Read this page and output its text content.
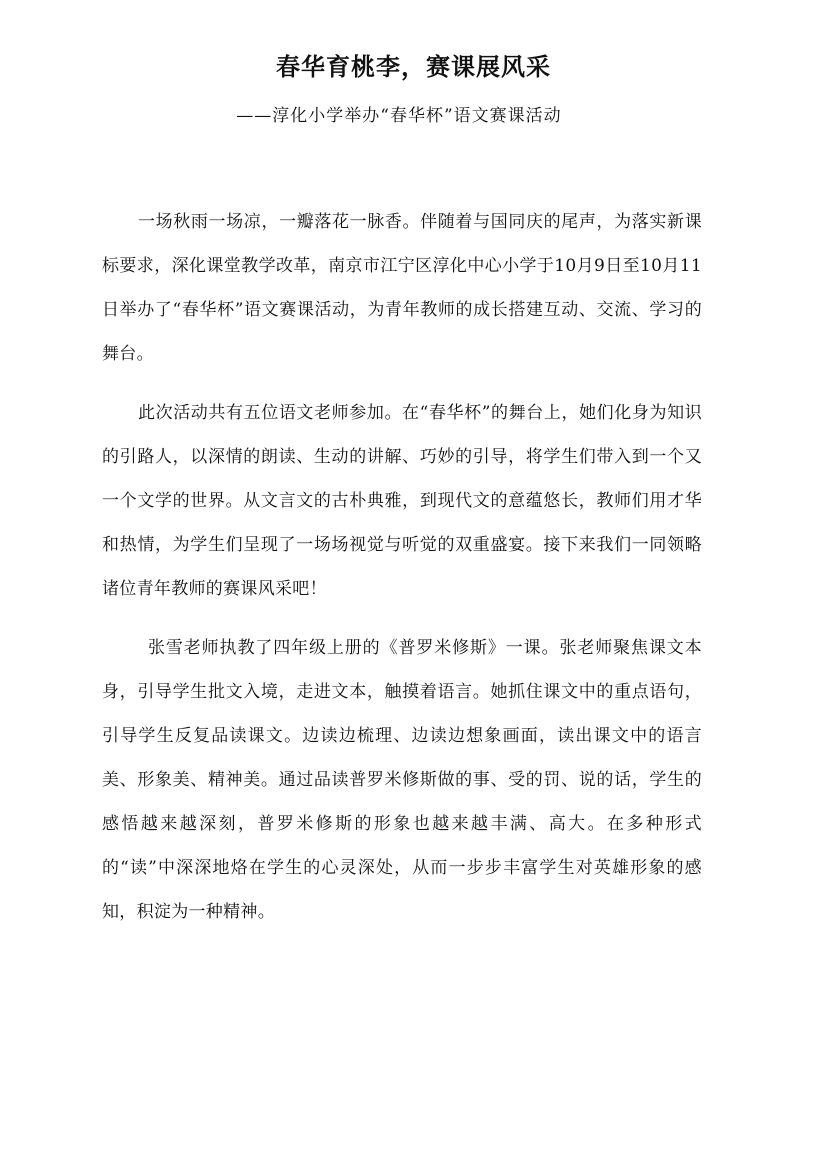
春华育桃李，赛课展风采
——淳化小学举办“春华杯”语文赛课活动

一场秋雨一场凉，一瓣落花一脉香。伴随着与国同庆的尾声，为落实新课标要求，深化课堂教学改革，南京市江宁区淳化中心小学于10月9日至10月11日举办了“春华杯”语文赛课活动，为青年教师的成长搭建互动、交流、学习的舞台。

此次活动共有五位语文老师参加。在“春华杯”的舞台上，她们化身为知识的引路人，以深情的朗读、生动的讲解、巧妙的引导，将学生们带入到一个又一个文学的世界。从文言文的古朴典雅，到现代文的意蕴悠长，教师们用才华和热情，为学生们呈现了一场场视觉与听觉的双重盛宴。接下来我们一同领略诸位青年教师的赛课风采吧！

张雪老师执教了四年级上册的《普罗米修斯》一课。张老师聚焦课文本身，引导学生批文入境，走进文本，触摸着语言。她抓住课文中的重点语句，引导学生反复品读课文。边读边梳理、边读边想象画面，读出课文中的语言美、形象美、精神美。通过品读普罗米修斯做的事、受的罚、说的话，学生的感悟越来越深刻，普罗米修斯的形象也越来越丰满、高大。在多种形式的“读”中深深地烙在学生的心灵深处，从而一步步丰富学生对英雄形象的感知，积淀为一种精神。
